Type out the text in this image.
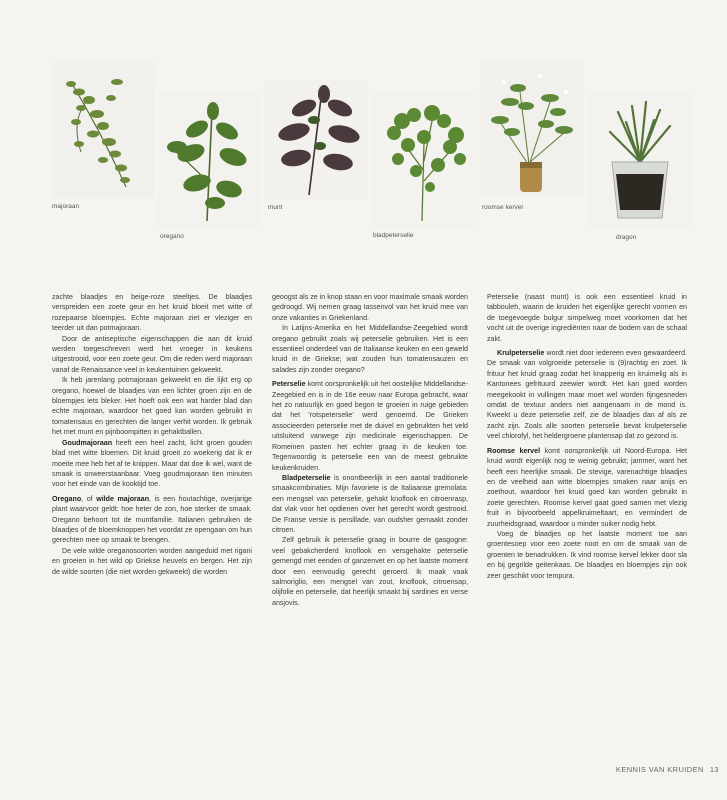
majoraan
oregano
munt
bladpeterselie
roomse kervel
dragon

zachte blaadjes en beige-roze steeltjes. De blaadjes verspreiden een zoete geur en het kruid bloeit met witte of rozepaarse bloempjes. Echte majoraan ziet er vleziger en teerder uit dan potmajoraan.

Door de antiseptische eigenschappen die aan dit kruid werden toegeschreven werd het vroeger in keukens uitgestrooid, voor een zoete geur. Om die reden werd majoraan vanaf de Renaissance veel in keukentuinen gekweekt.

Ik heb jarenlang potmajoraan gekweekt en die lijkt erg op oregano, hoewel de blaadjes van een lichter groen zijn en de bloempjes iets bleker. Het hoeft ook een wat harder blad dan echte majoraan, waardoor het goed kan worden gebruikt in tomatensaus en gerechten die langer verhit worden. Ik gebruik het met munt en pijnboompitten in gehaktballen.

Goudmajoraan heeft een heel zacht, licht groen gouden blad met witte bloemen. Dit kruid groeit zo woekerig dat ik er moeite mee heb het af te knippen. Maar dat doe ik wel, want de smaak is onweerstaanbaar. Voeg goudmajoraan tien minuten voor het einde van de kooktijd toe.

Oregano, of wilde majoraan, is een houtachtige, overjarige plant waarvoor geldt: hoe heter de zon, hoe sterker de smaak. Oregano behoort tot de muntfamilie. Italianen gebruiken de blaadjes of de bloemknoppen het voordat ze opengaan om hun gerechten mee op smaak te brengen.

De vele wilde oreganosoorten worden aangeduid met rigani en groeien in het wild op Griekse heuvels en bergen. Het zijn de wilde soorten (die niet worden gekweekt) die worden

geoogst als ze in knop staan en voor maximale smaak worden gedroogd. Wij nemen graag tassenvol van het kruid mee van onze vakanties in Griekenland.

In Latijns-Amerika en het Middellandse-Zeegebied wordt oregano gebruikt zoals wij peterselie gebruiken. Het is een essentieel onderdeel van de Italiaanse keuken en een geweld kruid in de Griekse; wat zouden hun tomatensauzen en salades zijn zonder oregano?

Peterselie komt oorspronkelijk uit het oostelijke Middellandse-Zeegebied en is in de 16e eeuw naar Europa gebracht, waar het zo natuurlijk en goed begon te groeien in ruige gebieden dat het 'rotspeterselie' werd genoemd. De Grieken associeerden peterselie met de duivel en gebruikten het veld uitsluitend vanwege zijn medicinale eigenschappen. De Romeinen pasten het echter graag in de keuken toe. Tegenwoordig is peterselie een van de meest gebruikte keukenkruiden.

Bladpeterselie is onontbeerlijk in een aantal traditionele smaakcombinaties. Mijn favoriete is de Italiaanse gremolata: een mengsel van peterselie, gehakt knoflook en citroenrasp, dat vlak voor het opdienen over het gerecht wordt gestrooid. De Franse versie is persillade, van oudsher gemaakt zonder citroen.

Zelf gebruik ik peterselie graag in bourre de gasgogne: veel gebakcherderd knoflook en versgehakte peterselie gemengd met eenden of ganzenvet en op het laatste moment door een eenvoudig gerecht geroerd. Ik maak vaak salmoriglio, een mengsel van zout, knoflook, citroensap, olijfolie en peterselie, dat heerlijk smaakt bij sardines en verse ansjovis.

Peterselie (naast munt) is ook een essentieel kruid in tabbouleh, waarin de kruiden het eigenlijke gerecht vormen en de toegevoegde bulgur simpelweg moet voorkomen dat het vocht uit de overige ingrediënten naar de bodem van de schaal zakt.

Krulpeterselie wordt niet door iedereen even gewaardeerd. De smaak van volgroeide peterselie is (9)rachtig en zoet. Ik frituur het kruid graag zodat het knapperig en kruimelig als in Kantonees gefrituurd zeewier wordt. Het kan goed worden meegekookt in vullingen maar moet wel worden fijngesneden omdat de textuur anders niet aangenaam in de mond is. Kweekt u deze peterselie zelf, zie de blaadjes dan af als ze zacht zijn. Zoals alle soorten peterselie bevat krulpeterselie veel chlorofyl, het heldergroene plantensap dat zo gezond is.

Roomse kervel komt oorspronkelijk uit Noord-Europa. Het kruid wordt eigenlijk nog te weinig gebruikt; jammer, want het heeft een heerlijke smaak. De stevige, varenachtige blaadjes en de veelheid aan witte bloempjes smaken naar anijs en zoethout, waardoor het kruid goed kan worden gebruikt in zoete gerechten. Roomse kervel gaat goed samen met vlezig fruit in bijvoorbeeld appelkruimeltaart, en vermindert de zuurheidsgraad, waardoor u minder suiker nodig hebt.

Voeg de blaadjes op het laatste moment toe aan groentesoep voor een zoete noot en om de smaak van de groenten te benadrukken. Ik vind roomse kervel lekker door sla en bij gegrilde geitenkaas. De blaadjes en bloempjes zijn ook zeer geschikt voor tempura.

KENNIS VAN KRUIDEN 13
